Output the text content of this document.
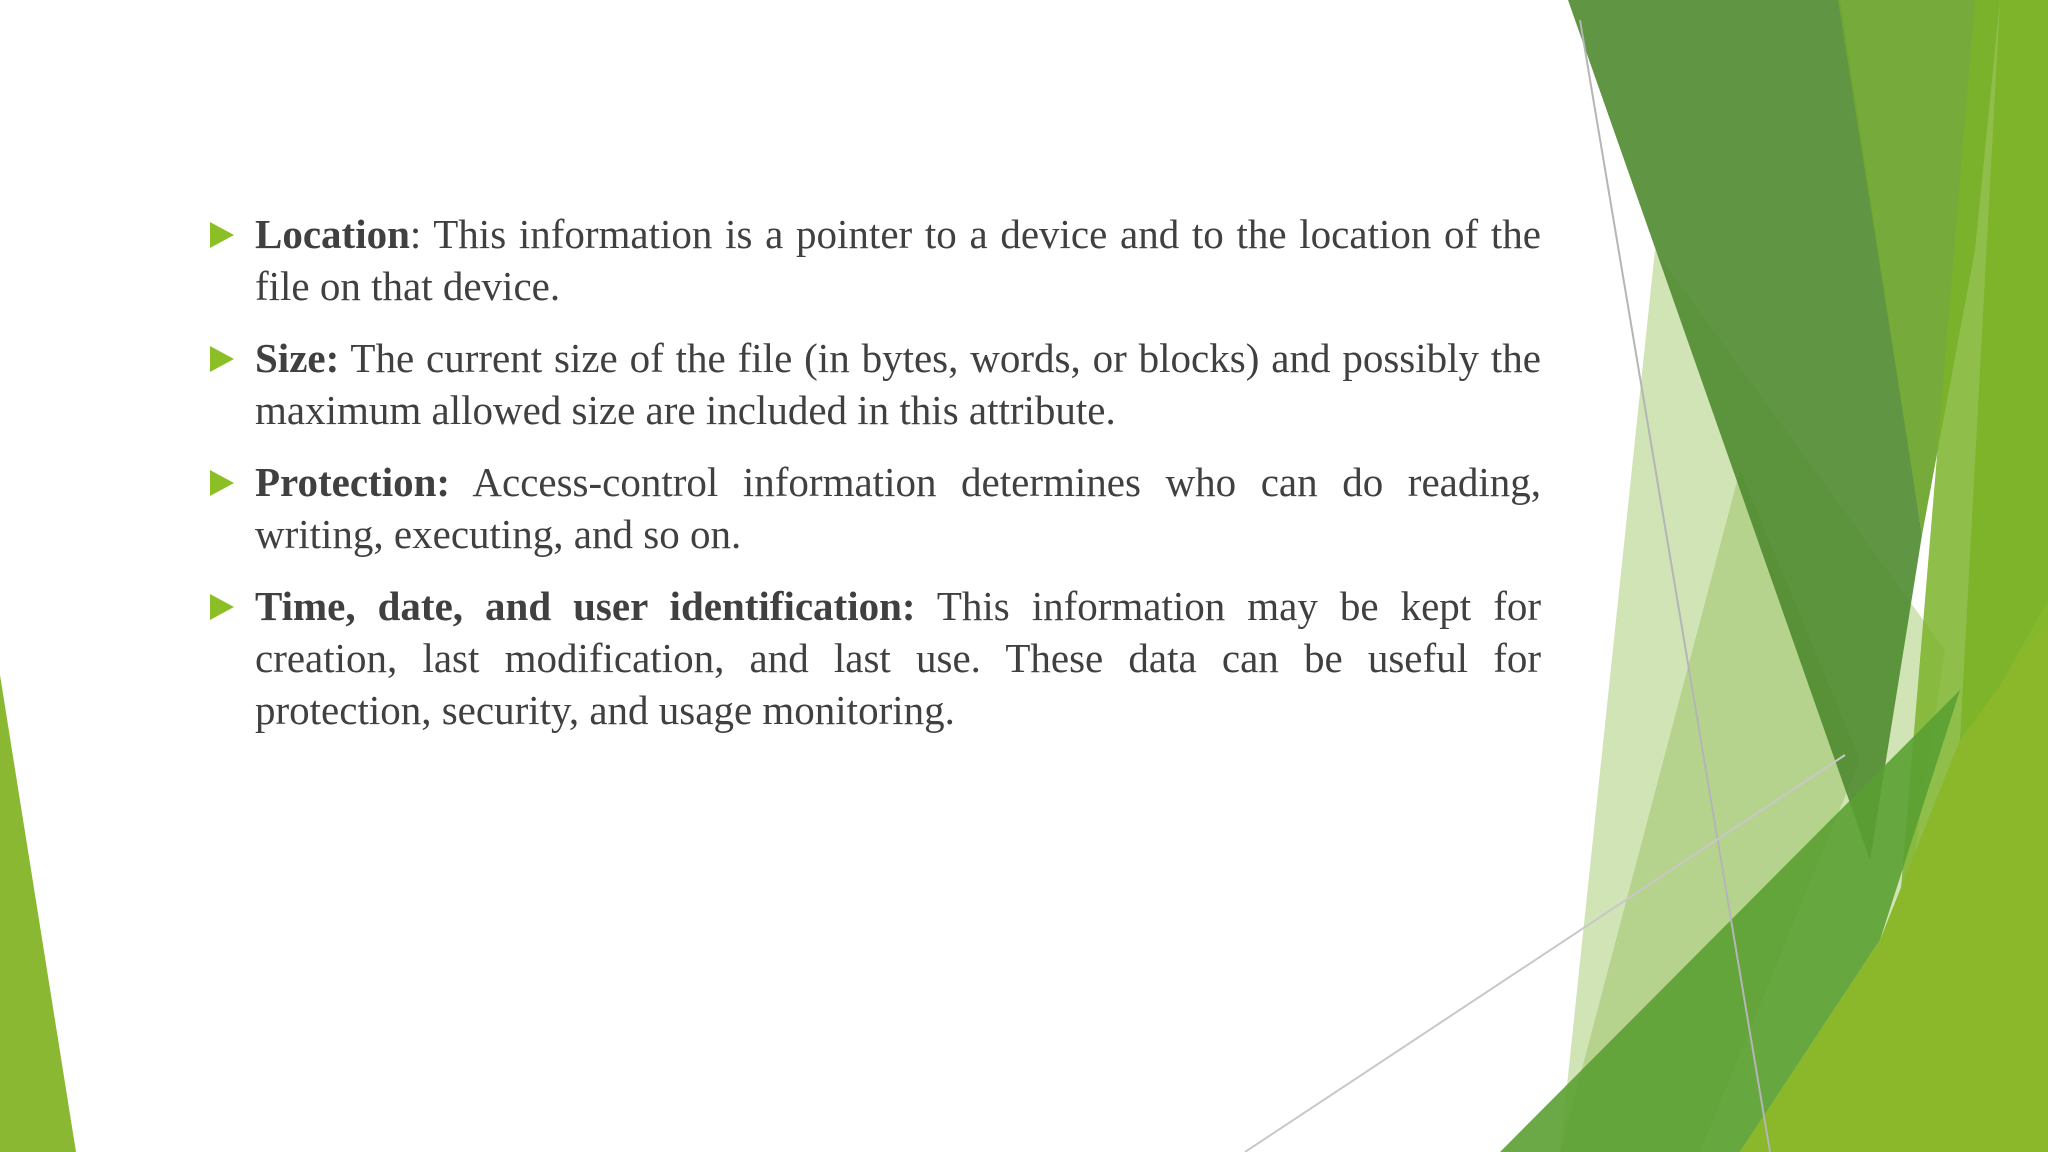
Location: This information is a pointer to a device and to the location of the file on that device.
Size: The current size of the file (in bytes, words, or blocks) and possibly the maximum allowed size are included in this attribute.
Protection: Access-control information determines who can do reading, writing, executing, and so on.
Time, date, and user identification: This information may be kept for creation, last modification, and last use. These data can be useful for protection, security, and usage monitoring.
